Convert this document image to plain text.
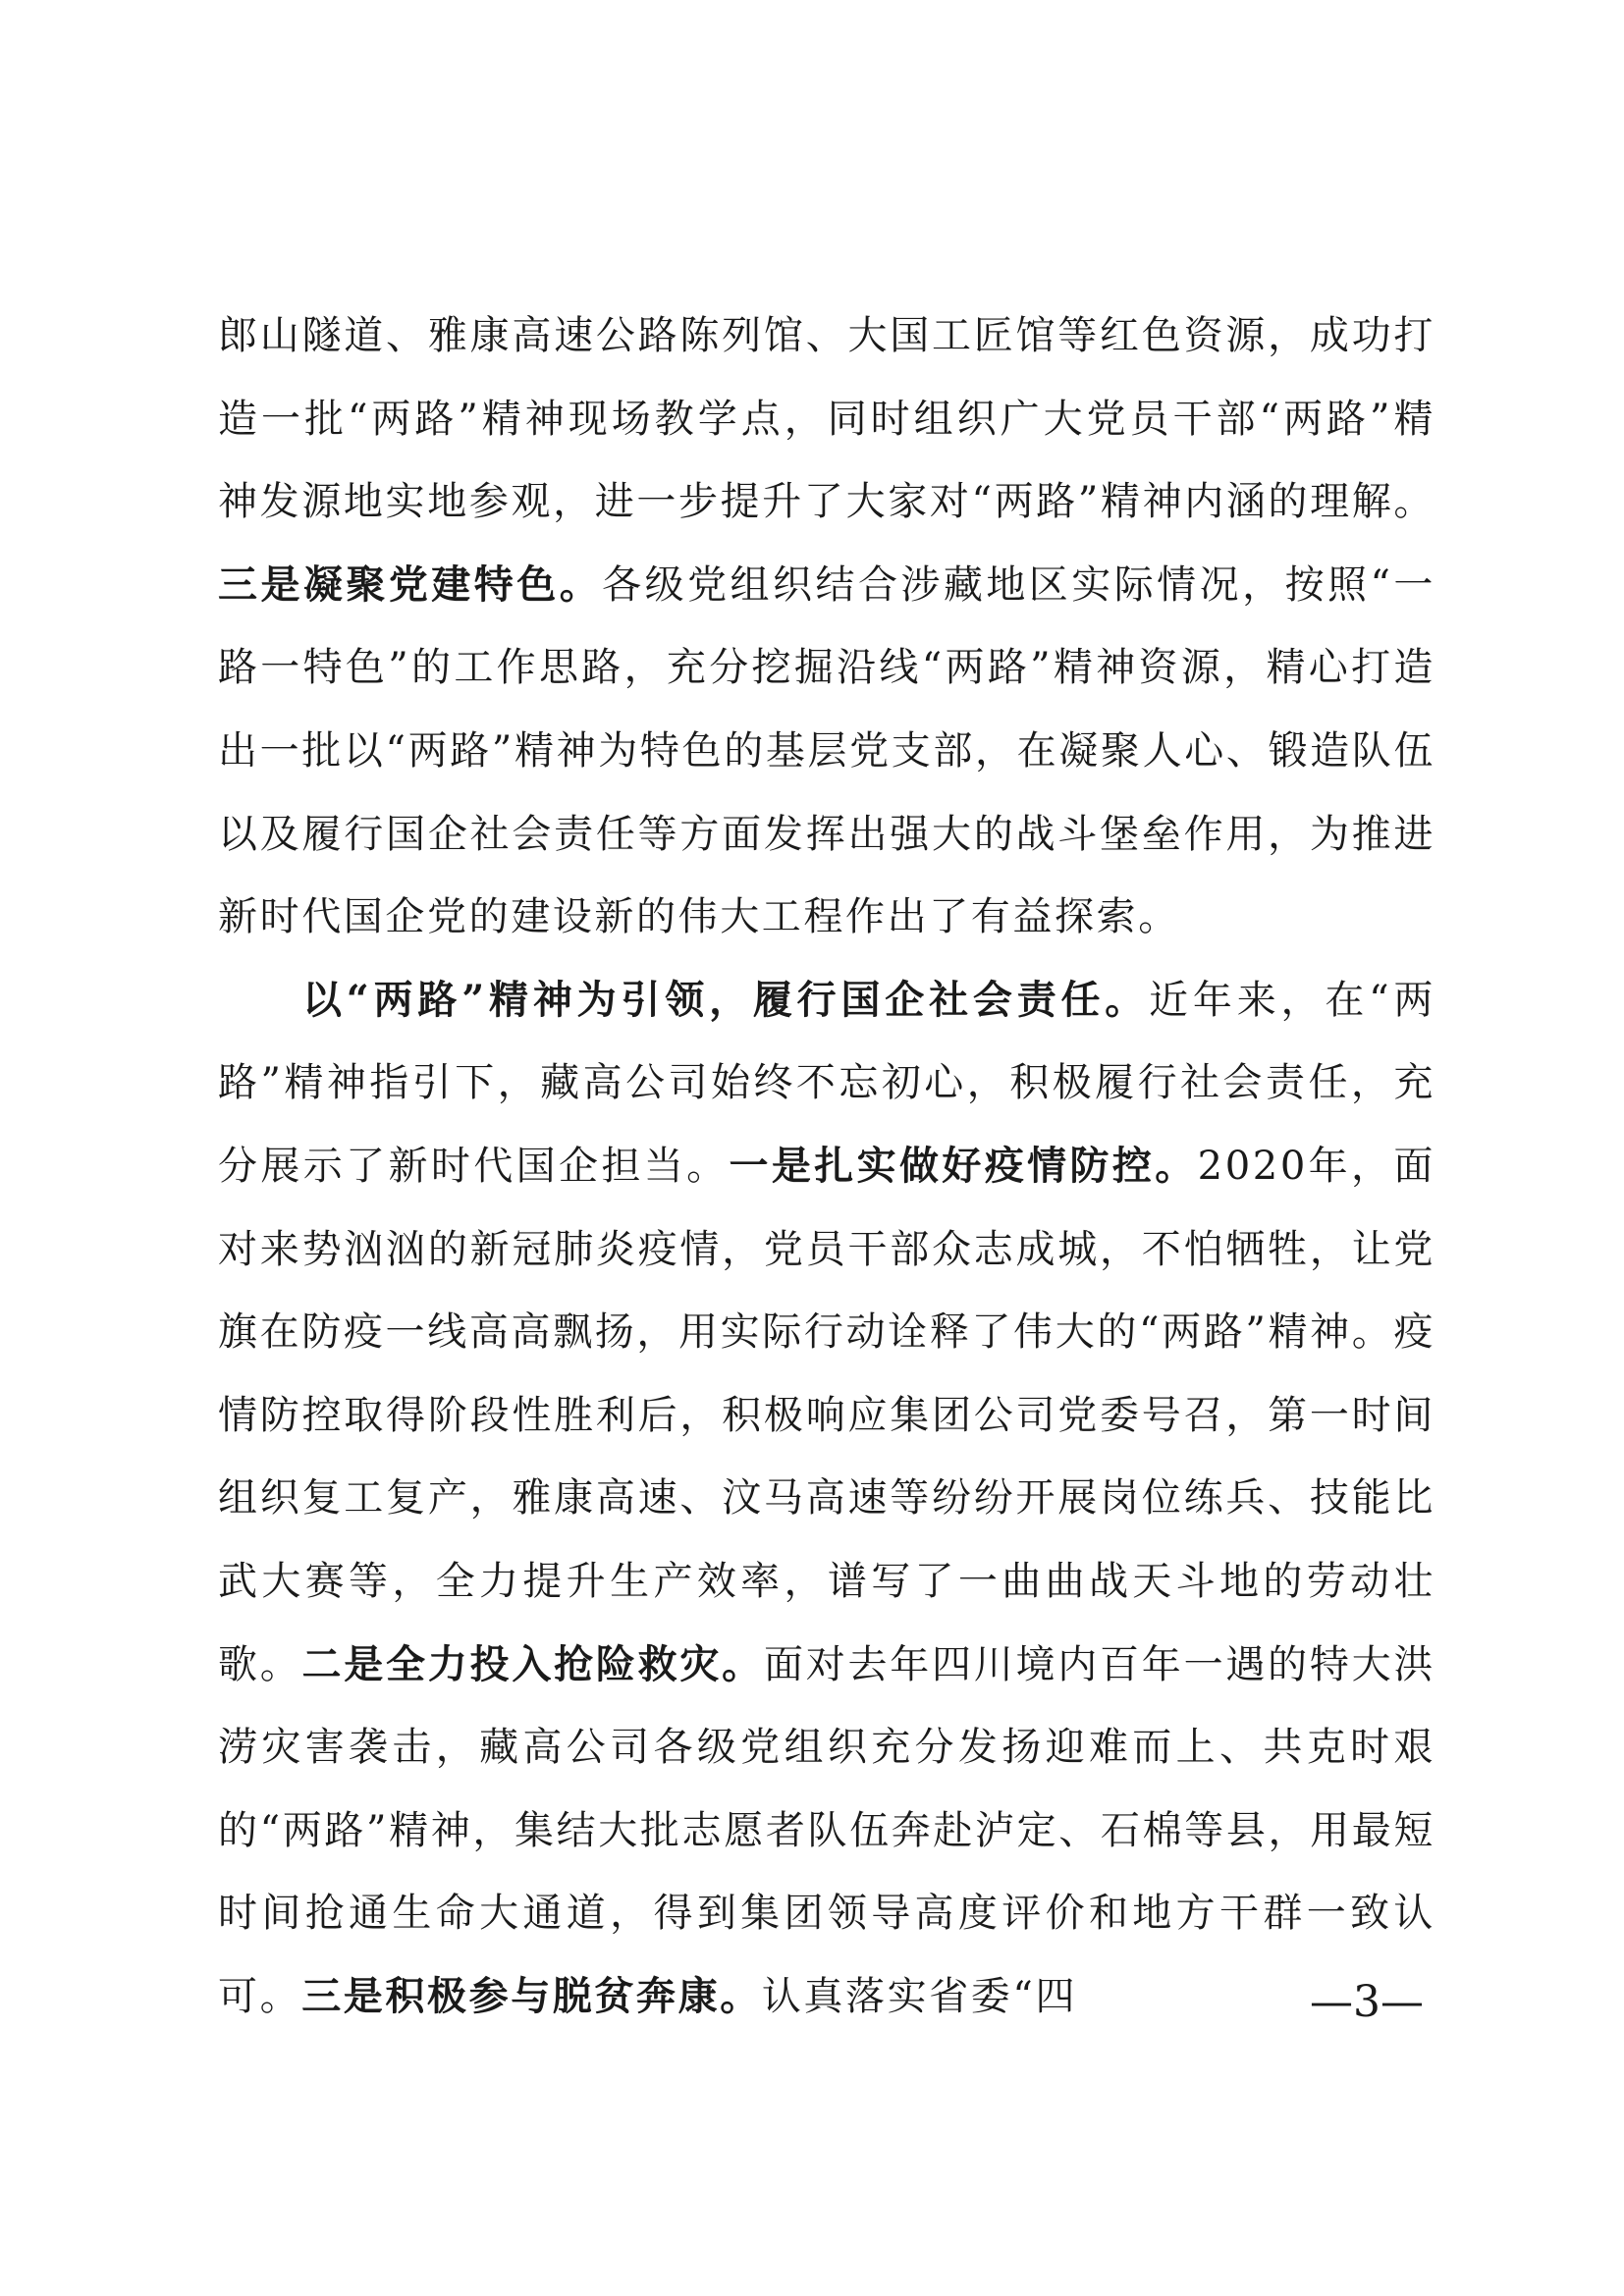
郎山隧道、雅康高速公路陈列馆、大国工匠馆等红色资源，成功打造一批“两路”精神现场教学点，同时组织广大党员干部“两路”精神发源地实地参观，进一步提升了大家对“两路”精神内涵的理解。三是凝聚党建特色。各级党组织结合涉藏地区实际情况，按照“一路一特色”的工作思路，充分挖掘沿线“两路”精神资源，精心打造出一批以“两路”精神为特色的基层党支部，在凝聚人心、锻造队伍以及履行国企社会责任等方面发挥出强大的战斗堡垒作用，为推进新时代国企党的建设新的伟大工程作出了有益探索。

以“两路”精神为引领，履行国企社会责任。近年来，在“两路”精神指引下，藏高公司始终不忘初心，积极履行社会责任，充分展示了新时代国企担当。一是扎实做好疫情防控。2020年，面对来势汹汹的新冠肺炎疫情，党员干部众志成城，不怕牺牲，让党旗在防疫一线高高飘扬，用实际行动诠释了伟大的“两路”精神。疫情防控取得阶段性胜利后，积极响应集团公司党委号召，第一时间组织复工复产，雅康高速、汶马高速等纷纷开展岗位练兵、技能比武大赛等，全力提升生产效率，谱写了一曲曲战天斗地的劳动壮歌。二是全力投入抢险救灾。面对去年四川境内百年一遇的特大洪涝灾害袭击，藏高公司各级党组织充分发扬迎难而上、共克时艰的“两路”精神，集结大批志愿者队伍奔赴泸定、石棉等县，用最短时间抢通生命大通道，得到集团领导高度评价和地方干群一致认可。三是积极参与脱贫奔康。认真落实省委“四	—3—
